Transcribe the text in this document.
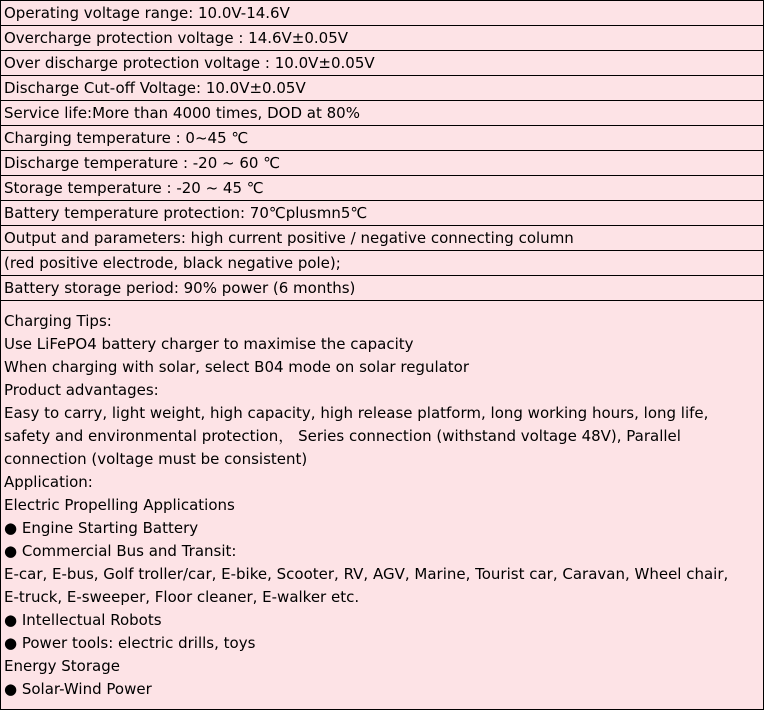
Operating voltage range: 10.0V-14.6V
Overcharge protection voltage : 14.6V±0.05V
Over discharge protection voltage : 10.0V±0.05V
Discharge Cut-off Voltage: 10.0V±0.05V
Service life:More than 4000 times, DOD at 80%
Charging temperature : 0~45 ℃
Discharge temperature : -20 ~ 60 ℃
Storage temperature : -20 ~ 45 ℃
Battery temperature protection: 70℃plusmn5℃
Output and parameters: high current positive / negative connecting column
(red positive electrode, black negative pole);
Battery storage period: 90% power (6 months)
Charging Tips:
Use LiFePO4 battery charger to maximise the capacity
When charging with solar, select B04 mode on solar regulator
Product advantages:
Easy to carry, light weight, high capacity, high release platform, long working hours, long life,
safety and environmental protection， Series connection (withstand voltage 48V), Parallel
connection (voltage must be consistent)
Application:
Electric Propelling Applications
● Engine Starting Battery
● Commercial Bus and Transit:
E-car, E-bus, Golf troller/car, E-bike, Scooter, RV, AGV, Marine, Tourist car, Caravan, Wheel chair,
E-truck, E-sweeper, Floor cleaner, E-walker etc.
● Intellectual Robots
● Power tools: electric drills, toys
Energy Storage
● Solar-Wind Power
